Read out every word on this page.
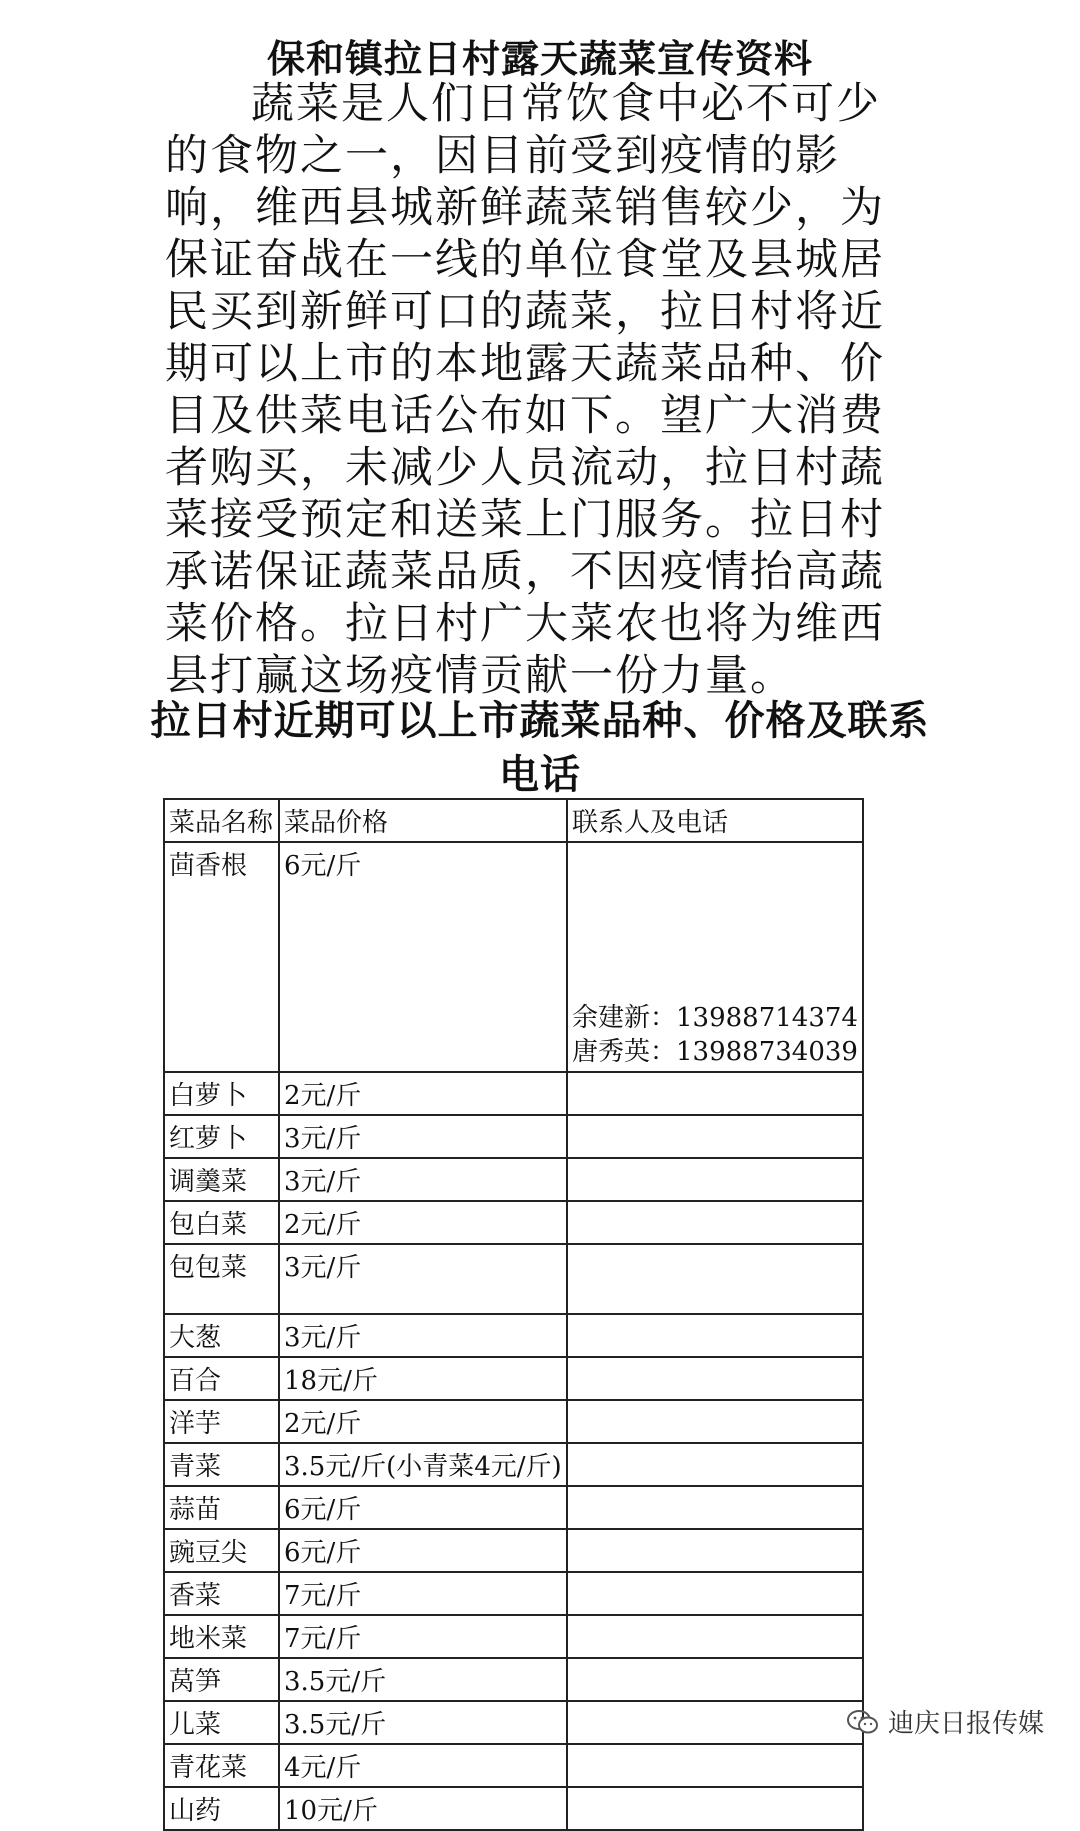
保和镇拉日村露天蔬菜宣传资料

蔬菜是人们日常饮食中必不可少的食物之一，因目前受到疫情的影响，维西县城新鲜蔬菜销售较少，为保证奋战在一线的单位食堂及县城居民买到新鲜可口的蔬菜，拉日村将近期可以上市的本地露天蔬菜品种、价目及供菜电话公布如下。望广大消费者购买，未减少人员流动，拉日村蔬菜接受预定和送菜上门服务。拉日村承诺保证蔬菜品质，不因疫情抬高蔬菜价格。拉日村广大菜农也将为维西县打赢这场疫情贡献一份力量。

拉日村近期可以上市蔬菜品种、价格及联系电话
菜品名称	菜品价格	联系人及电话
茴香根	6元/斤	余建新：13988714374
唐秀英：13988734039

白萝卜	2元/斤	
红萝卜	3元/斤	
调羹菜	3元/斤	
包白菜	2元/斤	
包包菜	3元/斤	
大葱	3元/斤	
百合	18元/斤	
洋芋	2元/斤	
青菜	3.5元/斤(小青菜4元/斤)	
蒜苗	6元/斤	
豌豆尖	6元/斤	
香菜	7元/斤	
地米菜	7元/斤	
莴笋	3.5元/斤	
儿菜	3.5元/斤	
青花菜	4元/斤	
山药	10元/斤	
迪庆日报传媒
